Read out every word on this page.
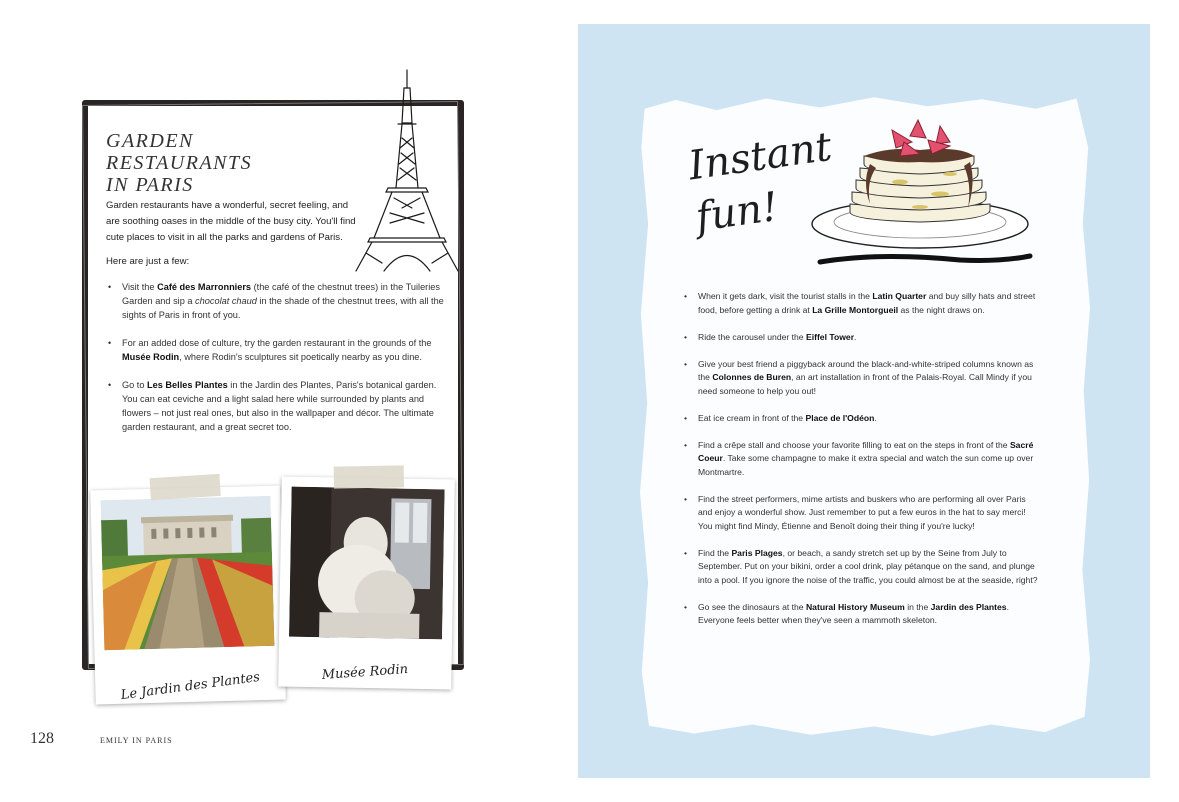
GARDEN RESTAURANTS
IN PARIS

Garden restaurants have a wonderful, secret feeling, and are soothing oases in the middle of the busy city. You'll find cute places to visit in all the parks and gardens of Paris.

Here are just a few:

• Visit the Café des Marronniers (the café of the chestnut trees) in the Tuileries Garden and sip a chocolat chaud in the shade of the chestnut trees, with all the sights of Paris in front of you.
• For an added dose of culture, try the garden restaurant in the grounds of the Musée Rodin, where Rodin's sculptures sit poetically nearby as you dine.
• Go to Les Belles Plantes in the Jardin des Plantes, Paris's botanical garden. You can eat ceviche and a light salad here while surrounded by plants and flowers – not just real ones, but also in the wallpaper and décor. The ultimate garden restaurant, and a great secret too.
Le Jardin des Plantes	Musée Rodin

128	EMILY IN PARIS

Instant
fun!
• When it gets dark, visit the tourist stalls in the Latin Quarter and buy silly hats and street food, before getting a drink at La Grille Montorgueil as the night draws on.
• Ride the carousel under the Eiffel Tower.
• Give your best friend a piggyback around the black-and-white-striped columns known as the Colonnes de Buren, an art installation in front of the Palais-Royal. Call Mindy if you need someone to help you out!
• Eat ice cream in front of the Place de l'Odéon.
• Find a crêpe stall and choose your favorite filling to eat on the steps in front of the Sacré Coeur. Take some champagne to make it extra special and watch the sun come up over Montmartre.
• Find the street performers, mime artists and buskers who are performing all over Paris and enjoy a wonderful show. Just remember to put a few euros in the hat to say merci! You might find Mindy, Étienne and Benoît doing their thing if you're lucky!
• Find the Paris Plages, or beach, a sandy stretch set up by the Seine from July to September. Put on your bikini, order a cool drink, play pétanque on the sand, and plunge into a pool. If you ignore the noise of the traffic, you could almost be at the seaside, right?
• Go see the dinosaurs at the Natural History Museum in the Jardin des Plantes. Everyone feels better when they've seen a mammoth skeleton.
